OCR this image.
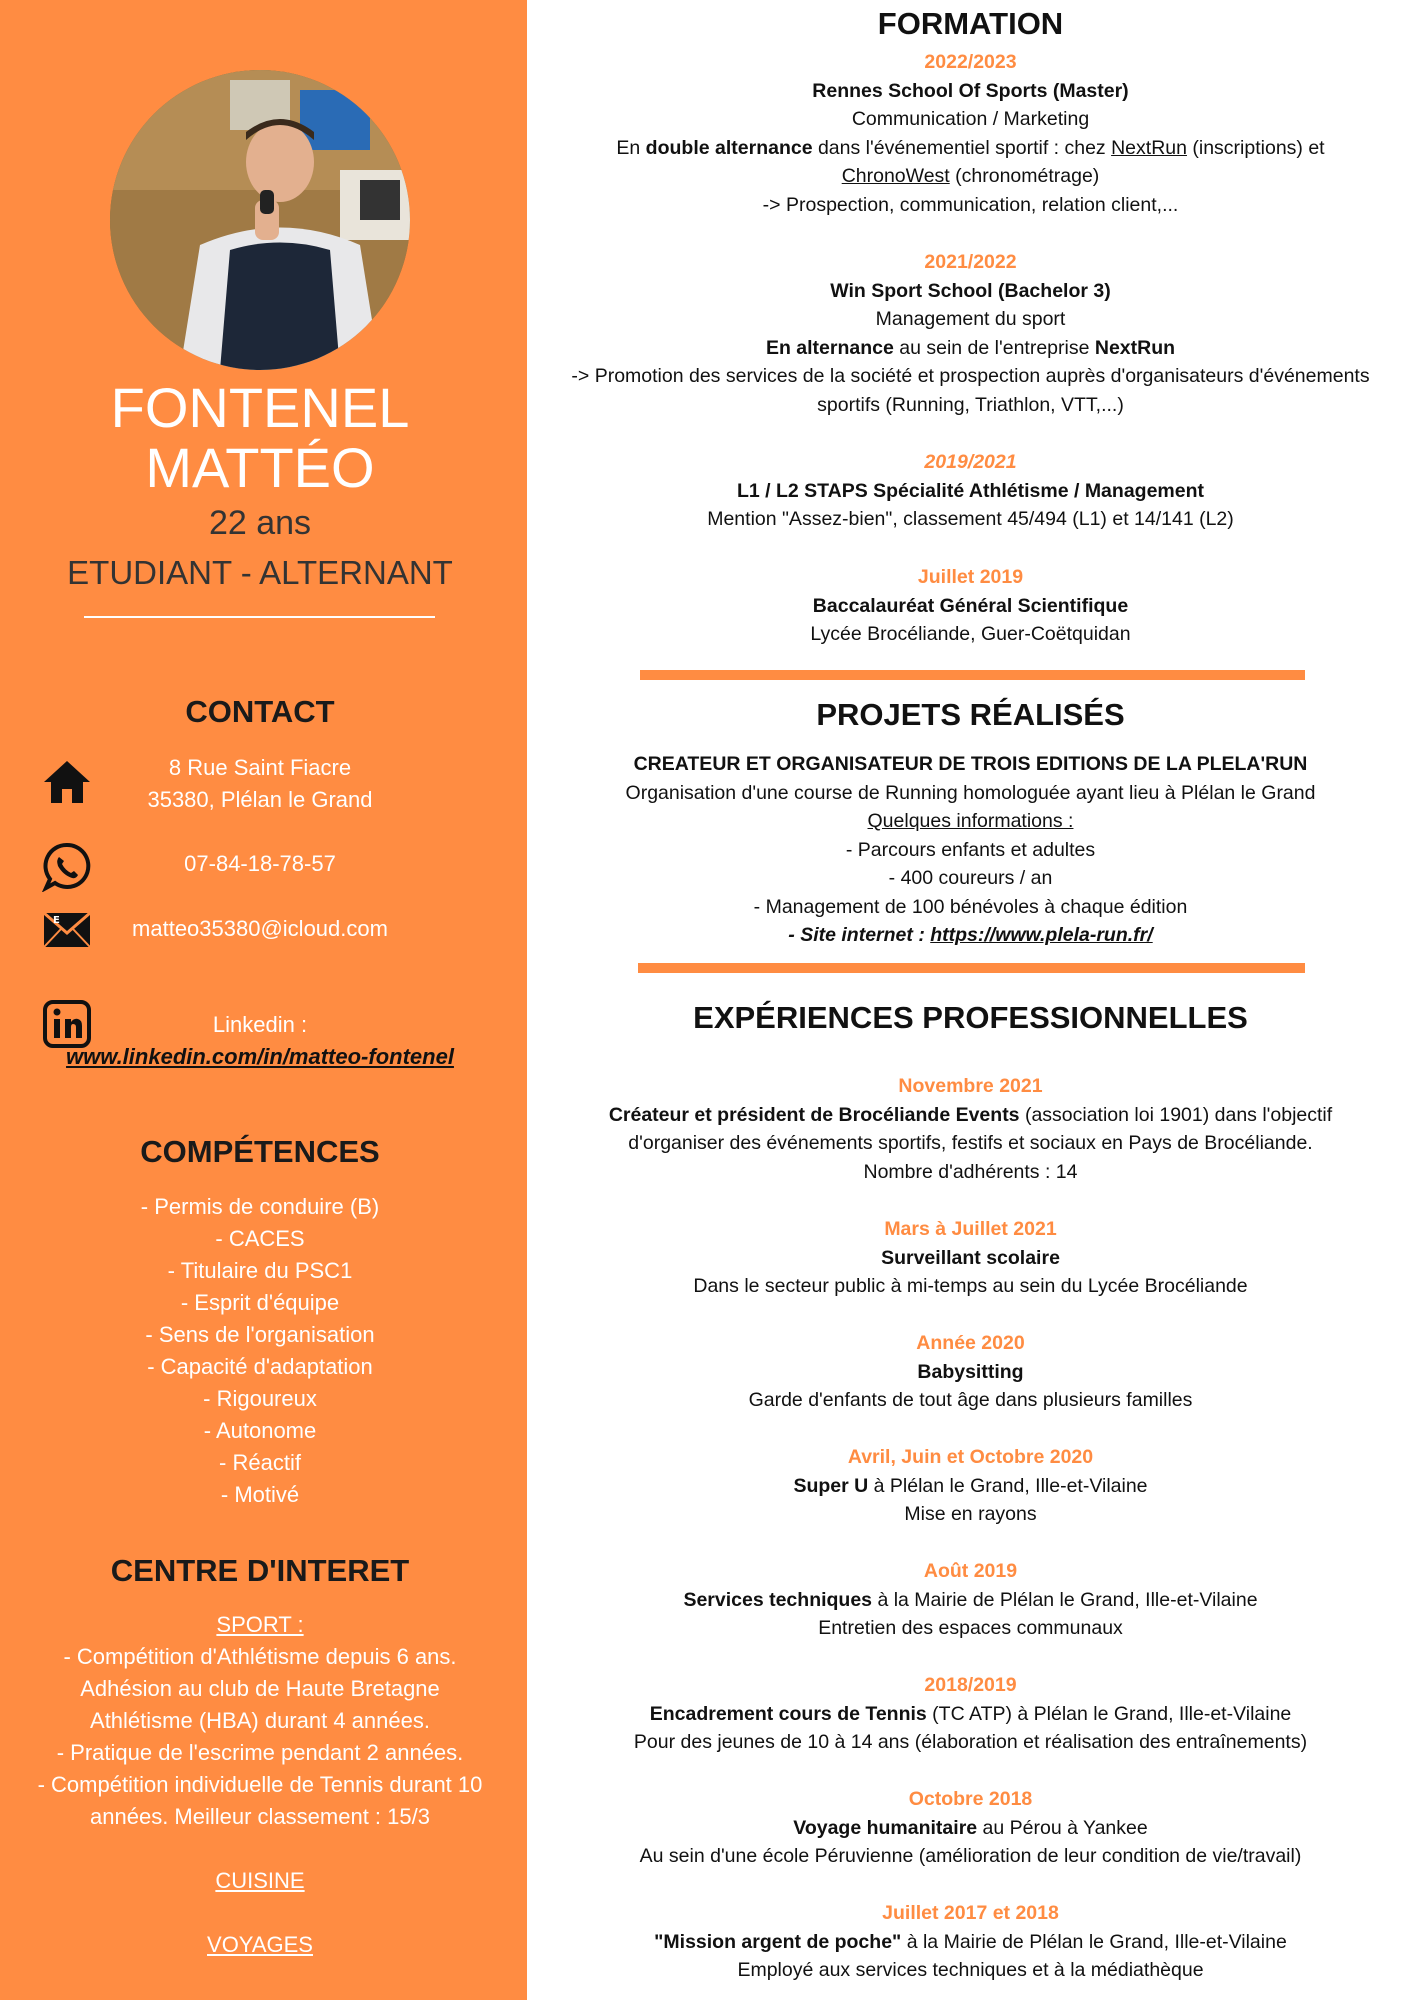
FONTENEL
MATTÉO
22 ans
ETUDIANT - ALTERNANT
CONTACT
8 Rue Saint Fiacre
35380, Plélan le Grand
07-84-18-78-57
E	matteo35380@icloud.com
Linkedin :
www.linkedin.com/in/matteo-fontenel
COMPÉTENCES
- Permis de conduire (B)
- CACES
- Titulaire du PSC1
- Esprit d'équipe
- Sens de l'organisation
- Capacité d'adaptation
- Rigoureux
- Autonome
- Réactif
- Motivé
CENTRE D'INTERET
SPORT :
- Compétition d'Athlétisme depuis 6 ans.
Adhésion au club de Haute Bretagne
Athlétisme (HBA) durant 4 années.
- Pratique de l'escrime pendant 2 années.
- Compétition individuelle de Tennis durant 10
années. Meilleur classement : 15/3
CUISINE
VOYAGES
FORMATION
2022/2023
Rennes School Of Sports (Master)
Communication / Marketing
En double alternance dans l'événementiel sportif : chez NextRun (inscriptions) et
ChronoWest (chronométrage)
-> Prospection, communication, relation client,...
2021/2022
Win Sport School (Bachelor 3)
Management du sport
En alternance au sein de l'entreprise NextRun
-> Promotion des services de la société et prospection auprès d'organisateurs d'événements
sportifs (Running, Triathlon, VTT,...)
2019/2021
L1 / L2 STAPS Spécialité Athlétisme / Management
Mention "Assez-bien", classement 45/494 (L1) et 14/141 (L2)
Juillet 2019
Baccalauréat Général Scientifique
Lycée Brocéliande, Guer-Coëtquidan
PROJETS RÉALISÉS
CREATEUR ET ORGANISATEUR DE TROIS EDITIONS DE LA PLELA'RUN
Organisation d'une course de Running homologuée ayant lieu à Plélan le Grand
Quelques informations :
- Parcours enfants et adultes
- 400 coureurs / an
- Management de 100 bénévoles à chaque édition
- Site internet : https://www.plela-run.fr/
EXPÉRIENCES PROFESSIONNELLES
Novembre 2021
Créateur et président de Brocéliande Events (association loi 1901) dans l'objectif
d'organiser des événements sportifs, festifs et sociaux en Pays de Brocéliande.
Nombre d'adhérents : 14
Mars à Juillet 2021
Surveillant scolaire
Dans le secteur public à mi-temps au sein du Lycée Brocéliande
Année 2020
Babysitting
Garde d'enfants de tout âge dans plusieurs familles
Avril, Juin et Octobre 2020
Super U à Plélan le Grand, Ille-et-Vilaine
Mise en rayons
Août 2019
Services techniques à la Mairie de Plélan le Grand, Ille-et-Vilaine
Entretien des espaces communaux
2018/2019
Encadrement cours de Tennis (TC ATP) à Plélan le Grand, Ille-et-Vilaine
Pour des jeunes de 10 à 14 ans (élaboration et réalisation des entraînements)
Octobre 2018
Voyage humanitaire au Pérou à Yankee
Au sein d'une école Péruvienne (amélioration de leur condition de vie/travail)
Juillet 2017 et 2018
"Mission argent de poche" à la Mairie de Plélan le Grand, Ille-et-Vilaine
Employé aux services techniques et à la médiathèque
